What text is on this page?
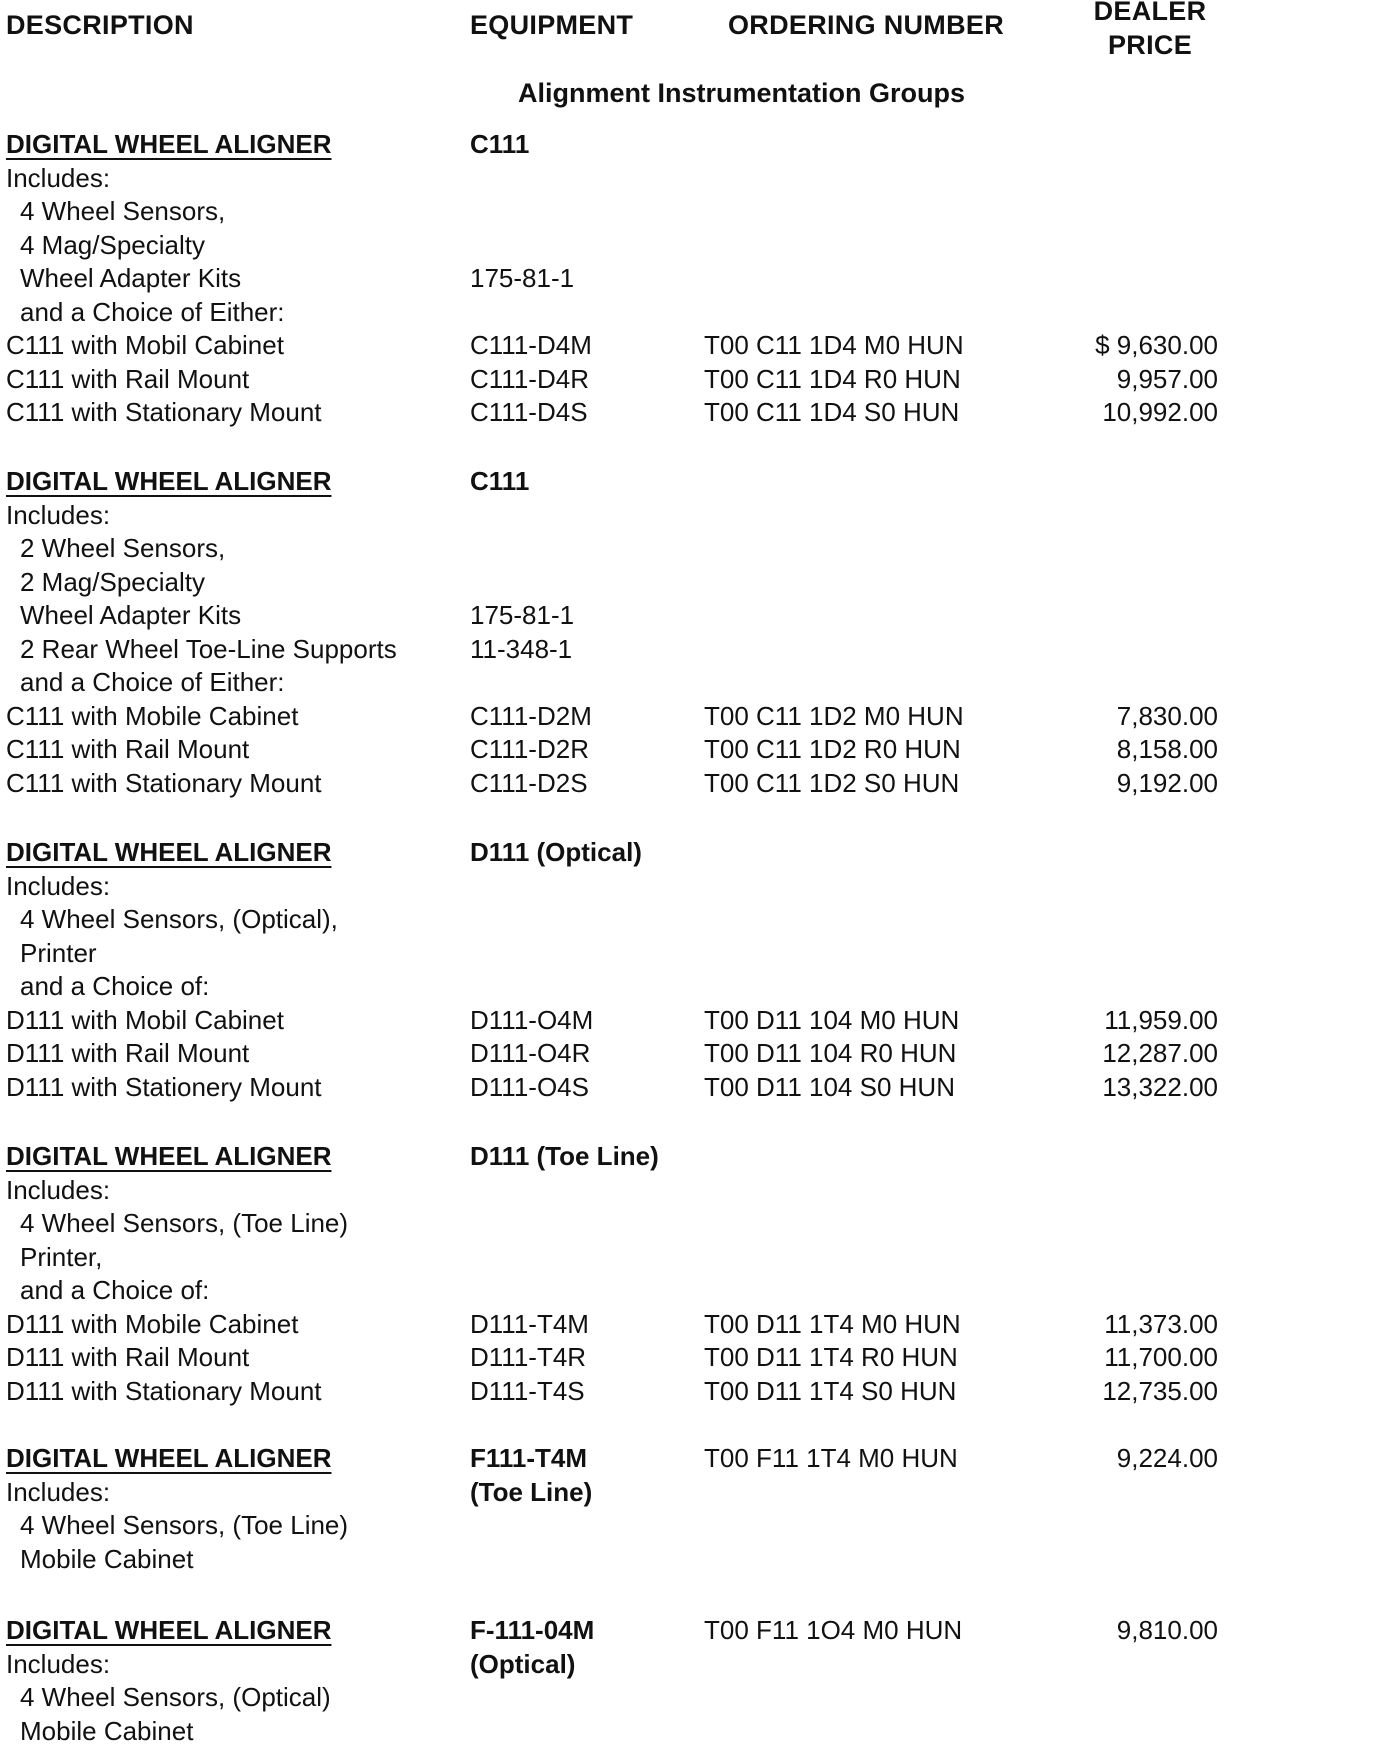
DESCRIPTION	EQUIPMENT	ORDERING NUMBER	DEALER
PRICE
Alignment Instrumentation Groups
DIGITAL WHEEL ALIGNER	C111
Includes:
4 Wheel Sensors,
4 Mag/Specialty
Wheel Adapter Kits	175-81-1
and a Choice of Either:
C111 with Mobil Cabinet	C111-D4M	T00 C11 1D4 M0 HUN	$ 9,630.00
C111 with Rail Mount	C111-D4R	T00 C11 1D4 R0 HUN	9,957.00
C111 with Stationary Mount	C111-D4S	T00 C11 1D4 S0 HUN	10,992.00
DIGITAL WHEEL ALIGNER	C111
Includes:
2 Wheel Sensors,
2 Mag/Specialty
Wheel Adapter Kits	175-81-1
2 Rear Wheel Toe-Line Supports	11-348-1
and a Choice of Either:
C111 with Mobile Cabinet	C111-D2M	T00 C11 1D2 M0 HUN	7,830.00
C111 with Rail Mount	C111-D2R	T00 C11 1D2 R0 HUN	8,158.00
C111 with Stationary Mount	C111-D2S	T00 C11 1D2 S0 HUN	9,192.00
DIGITAL WHEEL ALIGNER	D111 (Optical)
Includes:
4 Wheel Sensors, (Optical),
Printer
and a Choice of:
D111 with Mobil Cabinet	D111-O4M	T00 D11 104 M0 HUN	11,959.00
D111 with Rail Mount	D111-O4R	T00 D11 104 R0 HUN	12,287.00
D111 with Stationery Mount	D111-O4S	T00 D11 104 S0 HUN	13,322.00
DIGITAL WHEEL ALIGNER	D111 (Toe Line)
Includes:
4 Wheel Sensors, (Toe Line)
Printer,
and a Choice of:
D111 with Mobile Cabinet	D111-T4M	T00 D11 1T4 M0 HUN	11,373.00
D111 with Rail Mount	D111-T4R	T00 D11 1T4 R0 HUN	11,700.00
D111 with Stationary Mount	D111-T4S	T00 D11 1T4 S0 HUN	12,735.00
DIGITAL WHEEL ALIGNER	F111-T4M	T00 F11 1T4 M0 HUN	9,224.00
Includes:	(Toe Line)
4 Wheel Sensors, (Toe Line)
Mobile Cabinet
DIGITAL WHEEL ALIGNER	F-111-04M	T00 F11 1O4 M0 HUN	9,810.00
Includes:	(Optical)
4 Wheel Sensors, (Optical)
Mobile Cabinet
